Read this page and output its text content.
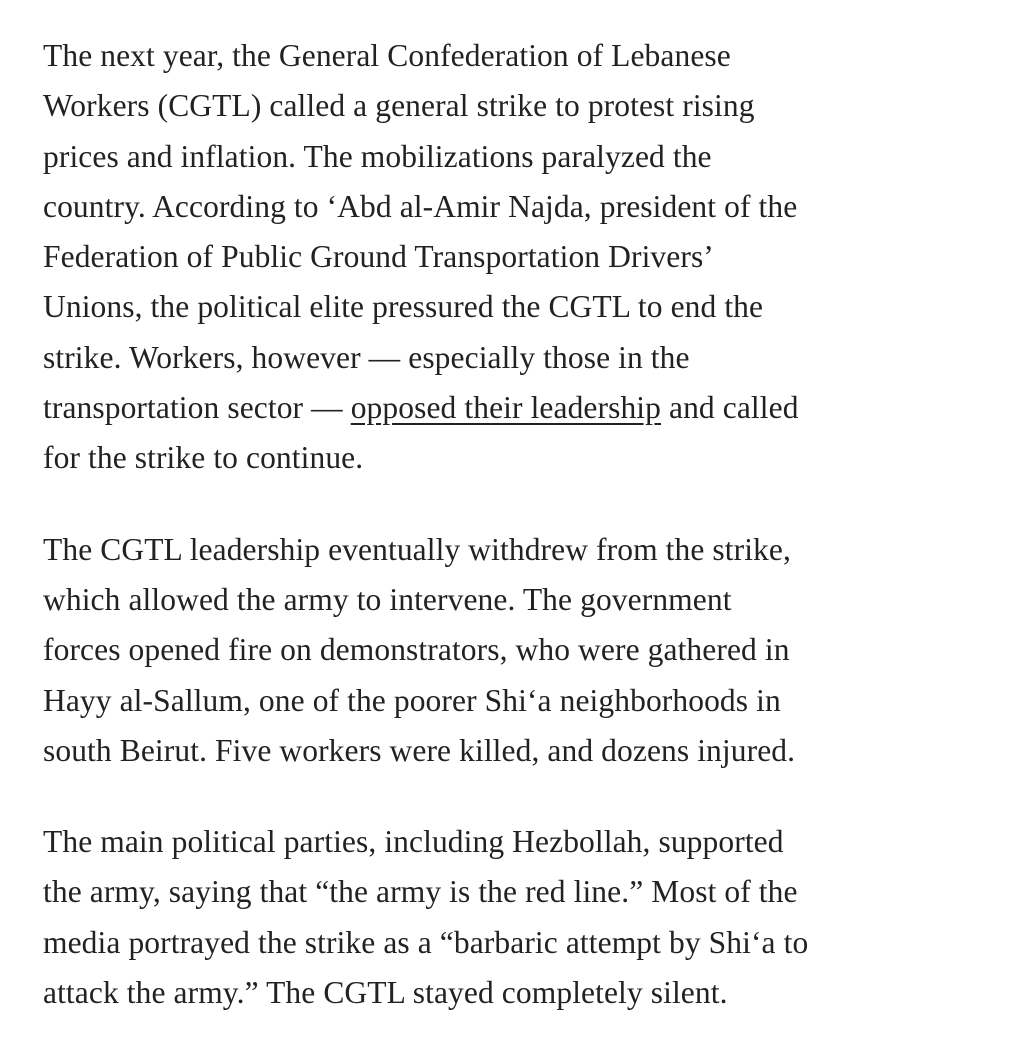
The next year, the General Confederation of Lebanese
Workers (CGTL) called a general strike to protest rising
prices and inflation. The mobilizations paralyzed the
country. According to ‘Abd al-Amir Najda, president of the
Federation of Public Ground Transportation Drivers’
Unions, the political elite pressured the CGTL to end the
strike. Workers, however — especially those in the
transportation sector — opposed their leadership and called
for the strike to continue.

The CGTL leadership eventually withdrew from the strike,
which allowed the army to intervene. The government
forces opened fire on demonstrators, who were gathered in
Hayy al-Sallum, one of the poorer Shi‘a neighborhoods in
south Beirut. Five workers were killed, and dozens injured.

The main political parties, including Hezbollah, supported
the army, saying that “the army is the red line.” Most of the
media portrayed the strike as a “barbaric attempt by Shi‘a to
attack the army.” The CGTL stayed completely silent.
